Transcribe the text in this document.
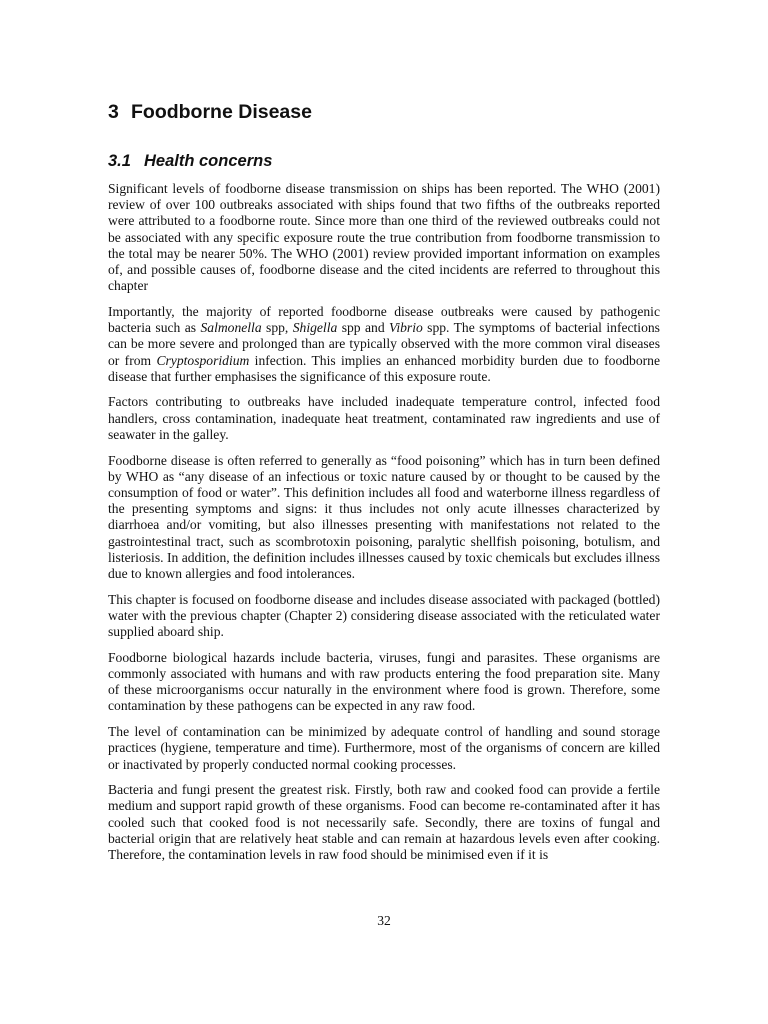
3 Foodborne Disease
3.1 Health concerns

Significant levels of foodborne disease transmission on ships has been reported. The WHO (2001) review of over 100 outbreaks associated with ships found that two fifths of the outbreaks reported were attributed to a foodborne route. Since more than one third of the reviewed outbreaks could not be associated with any specific exposure route the true contribution from foodborne transmission to the total may be nearer 50%. The WHO (2001) review provided important information on examples of, and possible causes of, foodborne disease and the cited incidents are referred to throughout this chapter

Importantly, the majority of reported foodborne disease outbreaks were caused by pathogenic bacteria such as Salmonella spp, Shigella spp and Vibrio spp. The symptoms of bacterial infections can be more severe and prolonged than are typically observed with the more common viral diseases or from Cryptosporidium infection. This implies an enhanced morbidity burden due to foodborne disease that further emphasises the significance of this exposure route.

Factors contributing to outbreaks have included inadequate temperature control, infected food handlers, cross contamination, inadequate heat treatment, contaminated raw ingredients and use of seawater in the galley.

Foodborne disease is often referred to generally as “food poisoning” which has in turn been defined by WHO as “any disease of an infectious or toxic nature caused by or thought to be caused by the consumption of food or water”. This definition includes all food and waterborne illness regardless of the presenting symptoms and signs: it thus includes not only acute illnesses characterized by diarrhoea and/or vomiting, but also illnesses presenting with manifestations not related to the gastrointestinal tract, such as scombrotoxin poisoning, paralytic shellfish poisoning, botulism, and listeriosis. In addition, the definition includes illnesses caused by toxic chemicals but excludes illness due to known allergies and food intolerances.

This chapter is focused on foodborne disease and includes disease associated with packaged (bottled) water with the previous chapter (Chapter 2) considering disease associated with the reticulated water supplied aboard ship.

Foodborne biological hazards include bacteria, viruses, fungi and parasites. These organisms are commonly associated with humans and with raw products entering the food preparation site. Many of these microorganisms occur naturally in the environment where food is grown. Therefore, some contamination by these pathogens can be expected in any raw food.

The level of contamination can be minimized by adequate control of handling and sound storage practices (hygiene, temperature and time). Furthermore, most of the organisms of concern are killed or inactivated by properly conducted normal cooking processes.

Bacteria and fungi present the greatest risk. Firstly, both raw and cooked food can provide a fertile medium and support rapid growth of these organisms. Food can become re-contaminated after it has cooled such that cooked food is not necessarily safe. Secondly, there are toxins of fungal and bacterial origin that are relatively heat stable and can remain at hazardous levels even after cooking. Therefore, the contamination levels in raw food should be minimised even if it is

32
